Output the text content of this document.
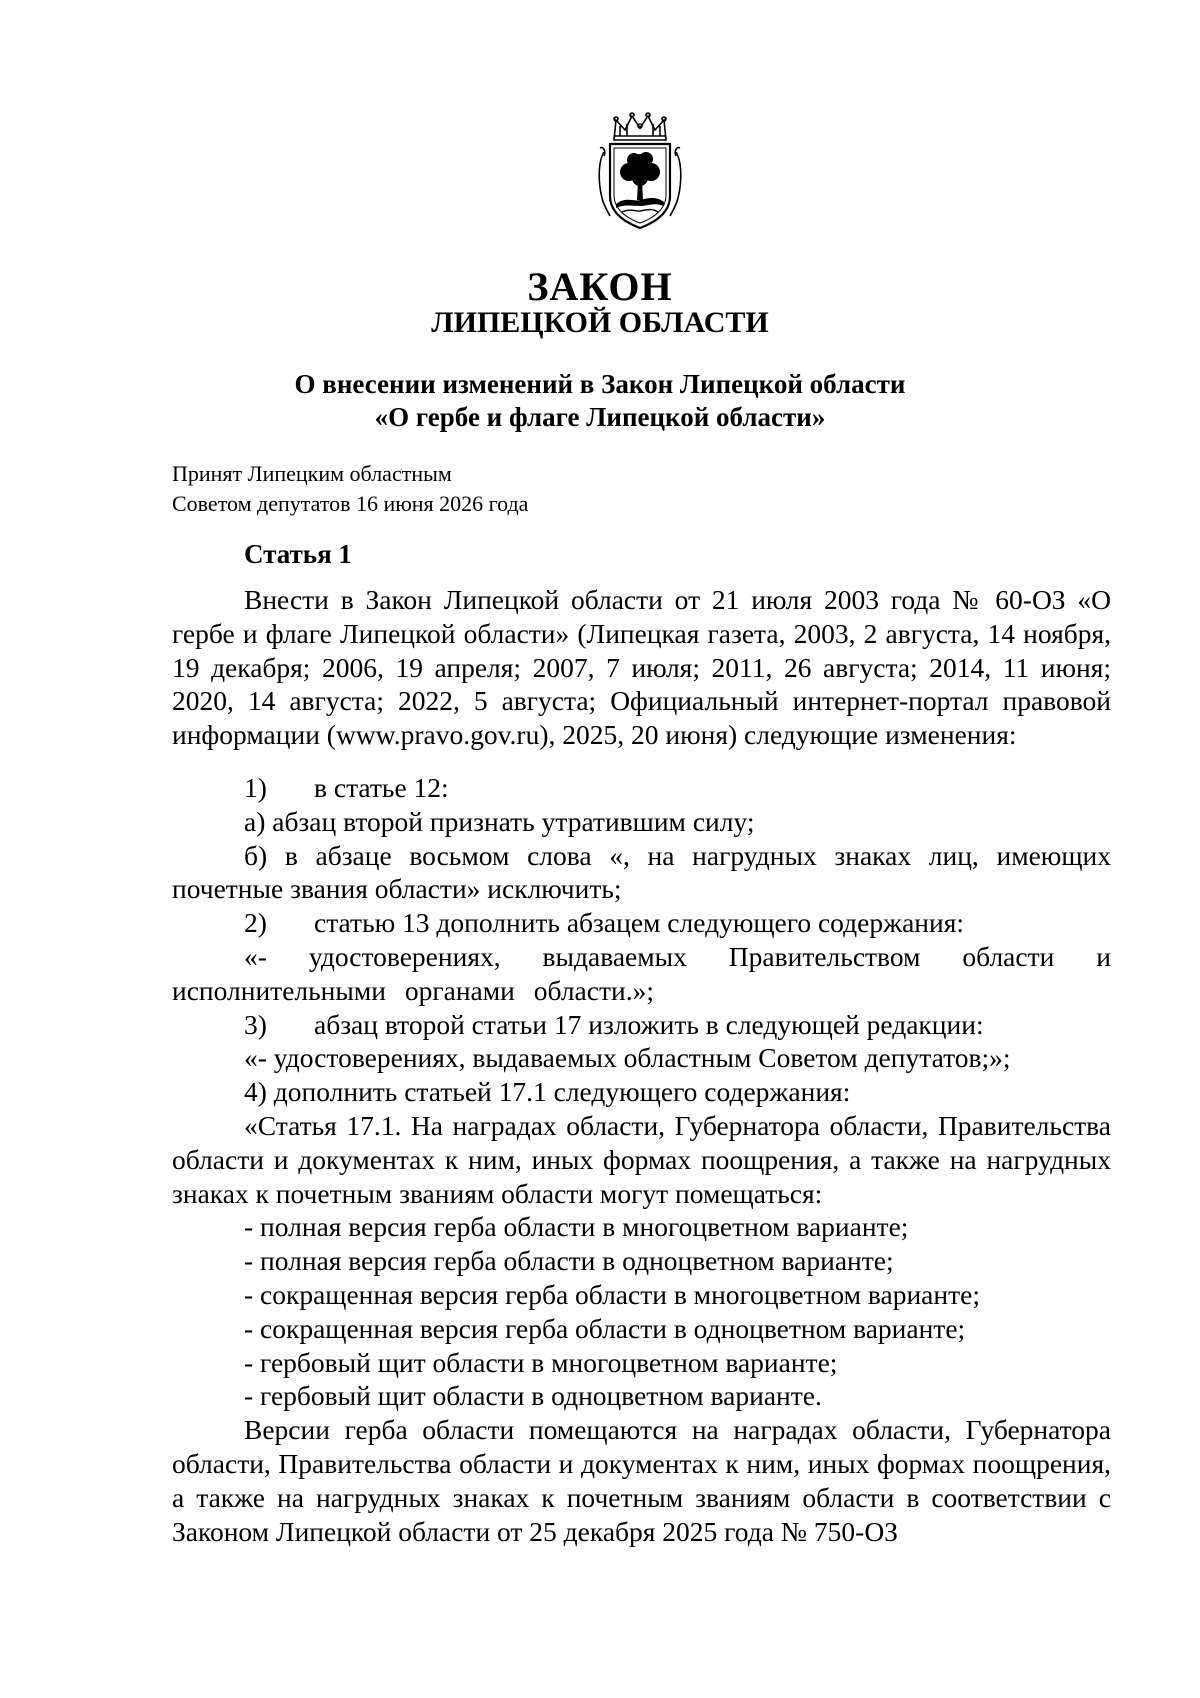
ЗАКОН
ЛИПЕЦКОЙ ОБЛАСТИ
О внесении изменений в Закон Липецкой области
«О гербе и флаге Липецкой области»
Принят Липецким областным
Советом депутатов 16 июня 2026 года
Статья 1

Внести в Закон Липецкой области от 21 июля 2003 года № 60-ОЗ «О гербе и флаге Липецкой области» (Липецкая газета, 2003, 2 августа, 14 ноября, 19 декабря; 2006, 19 апреля; 2007, 7 июля; 2011, 26 августа; 2014, 11 июня; 2020, 14 августа; 2022, 5 августа; Официальный интернет-портал правовой информации (www.pravo.gov.ru), 2025, 20 июня) следующие изменения:

1) в статье 12:

а) абзац второй признать утратившим силу;

б) в абзаце восьмом слова «, на нагрудных знаках лиц, имеющих почетные звания области» исключить;

2) статью 13 дополнить абзацем следующего содержания:

«- удостоверениях, выдаваемых Правительством области и исполнительными органами области.»;

3) абзац второй статьи 17 изложить в следующей редакции:

«- удостоверениях, выдаваемых областным Советом депутатов;»;

4) дополнить статьей 17.1 следующего содержания:

«Статья 17.1. На наградах области, Губернатора области, Правительства области и документах к ним, иных формах поощрения, а также на нагрудных знаках к почетным званиям области могут помещаться:

- полная версия герба области в многоцветном варианте;

- полная версия герба области в одноцветном варианте;

- сокращенная версия герба области в многоцветном варианте;

- сокращенная версия герба области в одноцветном варианте;

- гербовый щит области в многоцветном варианте;

- гербовый щит области в одноцветном варианте.

Версии герба области помещаются на наградах области, Губернатора области, Правительства области и документах к ним, иных формах поощрения, а также на нагрудных знаках к почетным званиям области в соответствии с Законом Липецкой области от 25 декабря 2025 года № 750-ОЗ
